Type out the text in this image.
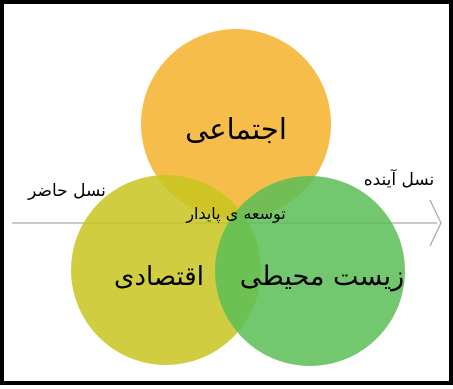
اجتماعی
اقتصادی زیست محیطی
توسعه ی پایدار
نسل حاضر
نسل آینده
